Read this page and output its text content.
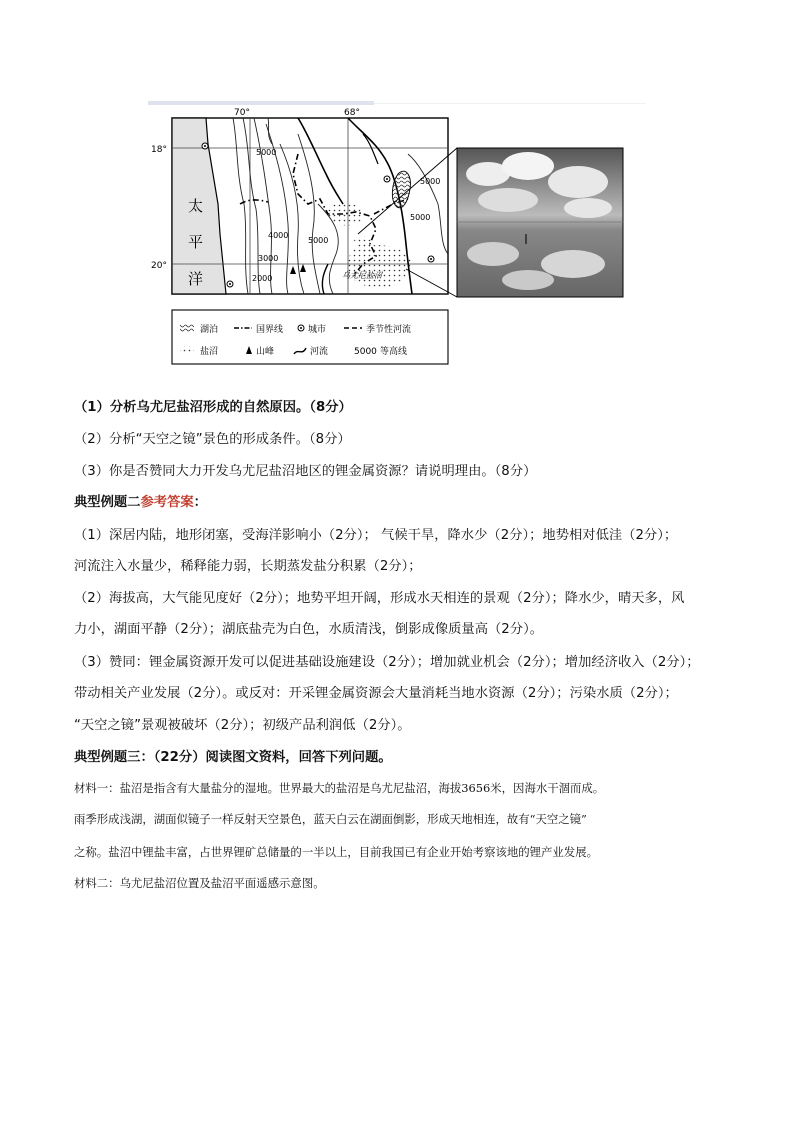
70°	68°
18°
20°
太
平
洋
5000
5000
5000
4000
5000
3000
2000	乌尤尼盐沼
湖泊	国界线	城市	季节性河流
盐沼	山峰	河流	5000 等高线
（1）分析乌尤尼盐沼形成的自然原因。（8分）
（2）分析“天空之镜”景色的形成条件。（8分）
（3）你是否赞同大力开发乌尤尼盐沼地区的锂金属资源？请说明理由。（8分）
典型例题二参考答案：
（1）深居内陆，地形闭塞，受海洋影响小（2分）； 气候干旱，降水少（2分）；地势相对低洼（2分）；
河流注入水量少，稀释能力弱，长期蒸发盐分积累（2分）；
（2）海拔高，大气能见度好（2分）；地势平坦开阔，形成水天相连的景观（2分）；降水少，晴天多，风
力小，湖面平静（2分）；湖底盐壳为白色，水质清浅，倒影成像质量高（2分）。
（3）赞同：锂金属资源开发可以促进基础设施建设（2分）；增加就业机会（2分）；增加经济收入（2分）；
带动相关产业发展（2分）。或反对：开采锂金属资源会大量消耗当地水资源（2分）；污染水质（2分）；
“天空之镜”景观被破坏（2分）；初级产品利润低（2分）。
典型例题三：（22分）阅读图文资料，回答下列问题。
材料一：盐沼是指含有大量盐分的湿地。世界最大的盐沼是乌尤尼盐沼，海拔3656米，因海水干涸而成。
雨季形成浅湖，湖面似镜子一样反射天空景色，蓝天白云在湖面倒影，形成天地相连，故有“天空之镜”
之称。盐沼中锂盐丰富，占世界锂矿总储量的一半以上，目前我国已有企业开始考察该地的锂产业发展。
材料二：乌尤尼盐沼位置及盐沼平面遥感示意图。
